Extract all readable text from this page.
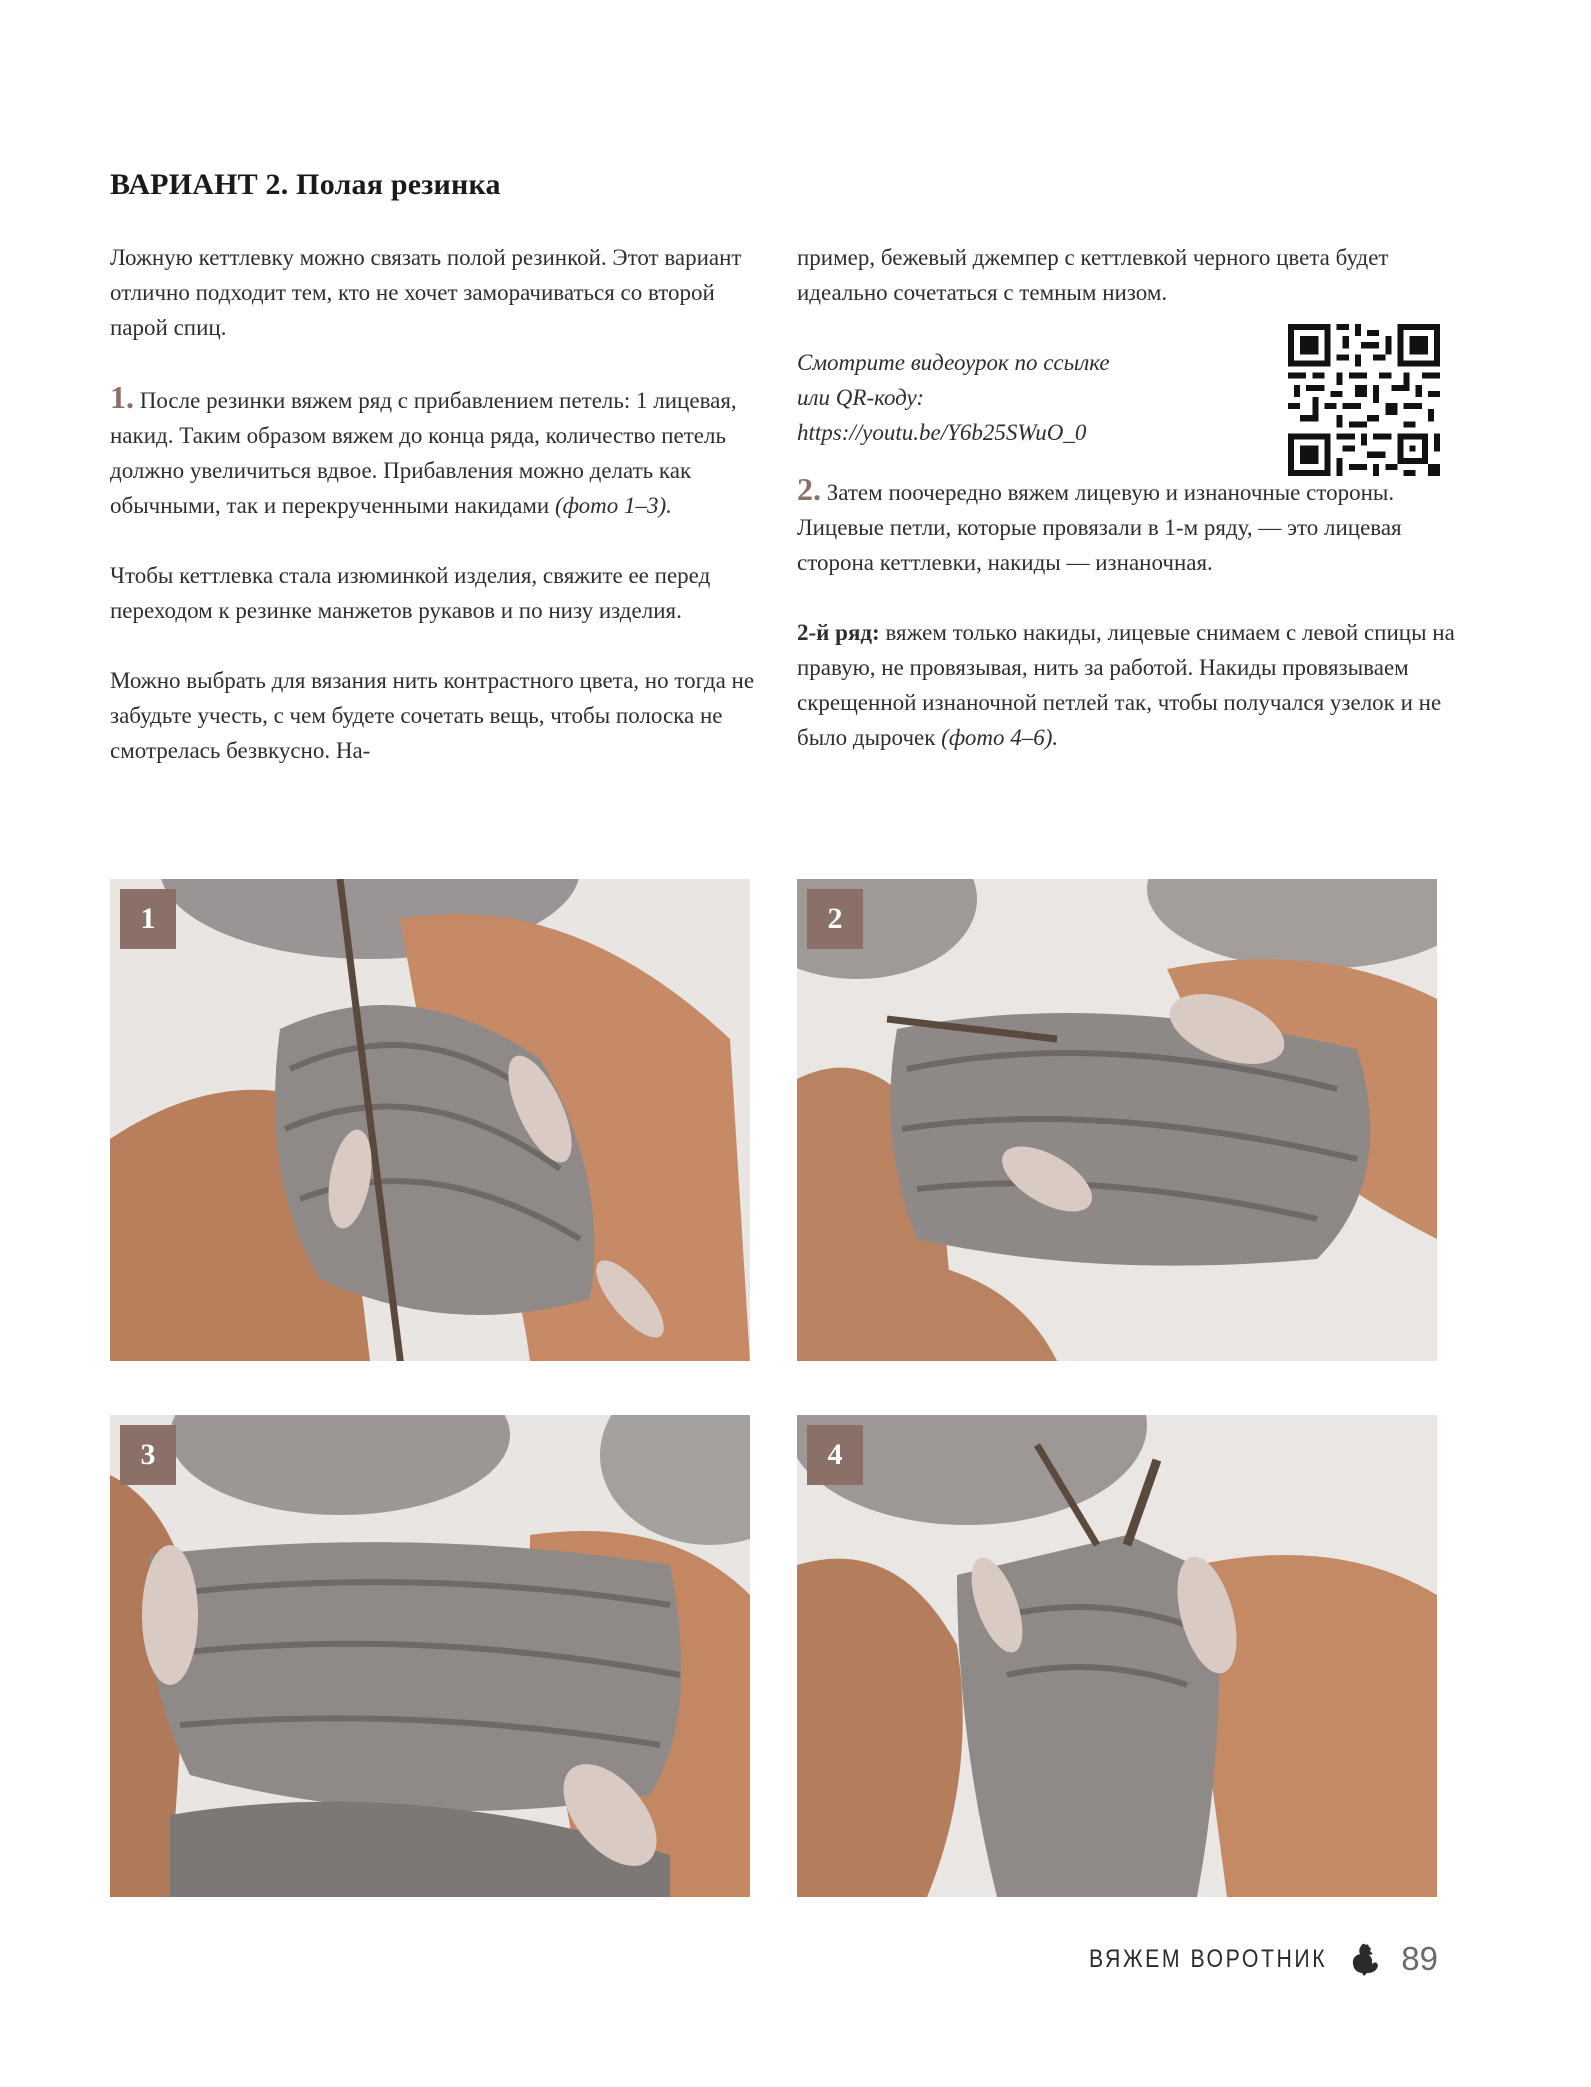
ВАРИАНТ 2. Полая резинка

Ложную кеттлевку можно связать полой резинкой. Этот вариант отлично подходит тем, кто не хочет заморачиваться со второй парой спиц.

1. После резинки вяжем ряд с прибавлением петель: 1 лицевая, накид. Таким образом вяжем до конца ряда, количество петель должно увеличиться вдвое. Прибавления можно делать как обычными, так и перекрученными накидами (фото 1–3).

Чтобы кеттлевка стала изюминкой изделия, свяжите ее перед переходом к резинке манжетов рукавов и по низу изделия.

Можно выбрать для вязания нить контрастного цвета, но тогда не забудьте учесть, с чем будете сочетать вещь, чтобы полоска не смотрелась безвкусно. На-

пример, бежевый джемпер с кеттлевкой черного цвета будет идеально сочетаться с темным низом.

Смотрите видеоурок по ссылке
или QR-коду:
https://youtu.be/Y6b25SWuO_0

2. Затем поочередно вяжем лицевую и изнаночные стороны. Лицевые петли, которые провязали в 1-м ряду, — это лицевая сторона кеттлевки, накиды — изнаночная.

2-й ряд: вяжем только накиды, лицевые снимаем с левой спицы на правую, не провязывая, нить за работой. Накиды провязываем скрещенной изнаночной петлей так, чтобы получался узелок и не было дырочек (фото 4–6).

1	2
3	4
ВЯЖЕМ ВОРОТНИК 89
